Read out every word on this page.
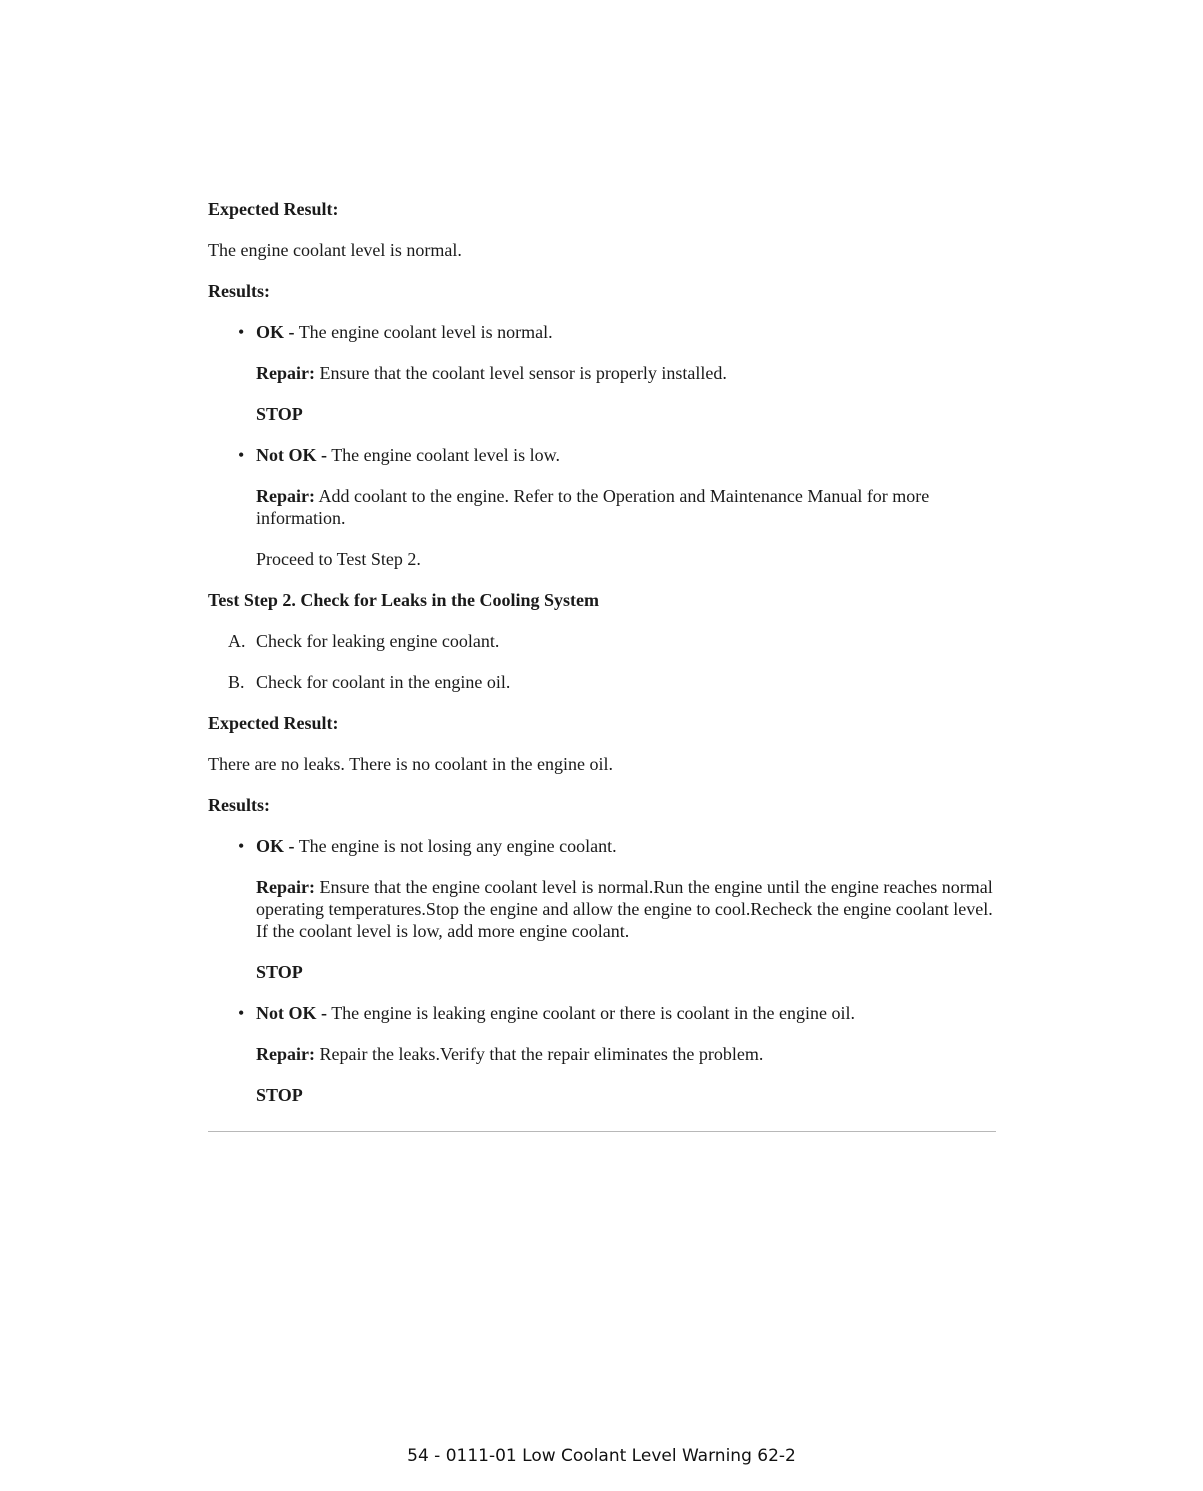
Expected Result:
The engine coolant level is normal.
Results:
• OK - The engine coolant level is normal.
Repair: Ensure that the coolant level sensor is properly installed.
STOP
• Not OK - The engine coolant level is low.
Repair: Add coolant to the engine. Refer to the Operation and Maintenance Manual for more information.
Proceed to Test Step 2.
Test Step 2. Check for Leaks in the Cooling System
A. Check for leaking engine coolant.
B. Check for coolant in the engine oil.
Expected Result:
There are no leaks. There is no coolant in the engine oil.
Results:
• OK - The engine is not losing any engine coolant.
Repair: Ensure that the engine coolant level is normal.Run the engine until the engine reaches normal operating temperatures.Stop the engine and allow the engine to cool.Recheck the engine coolant level. If the coolant level is low, add more engine coolant.
STOP
• Not OK - The engine is leaking engine coolant or there is coolant in the engine oil.
Repair: Repair the leaks.Verify that the repair eliminates the problem.
STOP
54 - 0111-01 Low Coolant Level Warning 62-2
